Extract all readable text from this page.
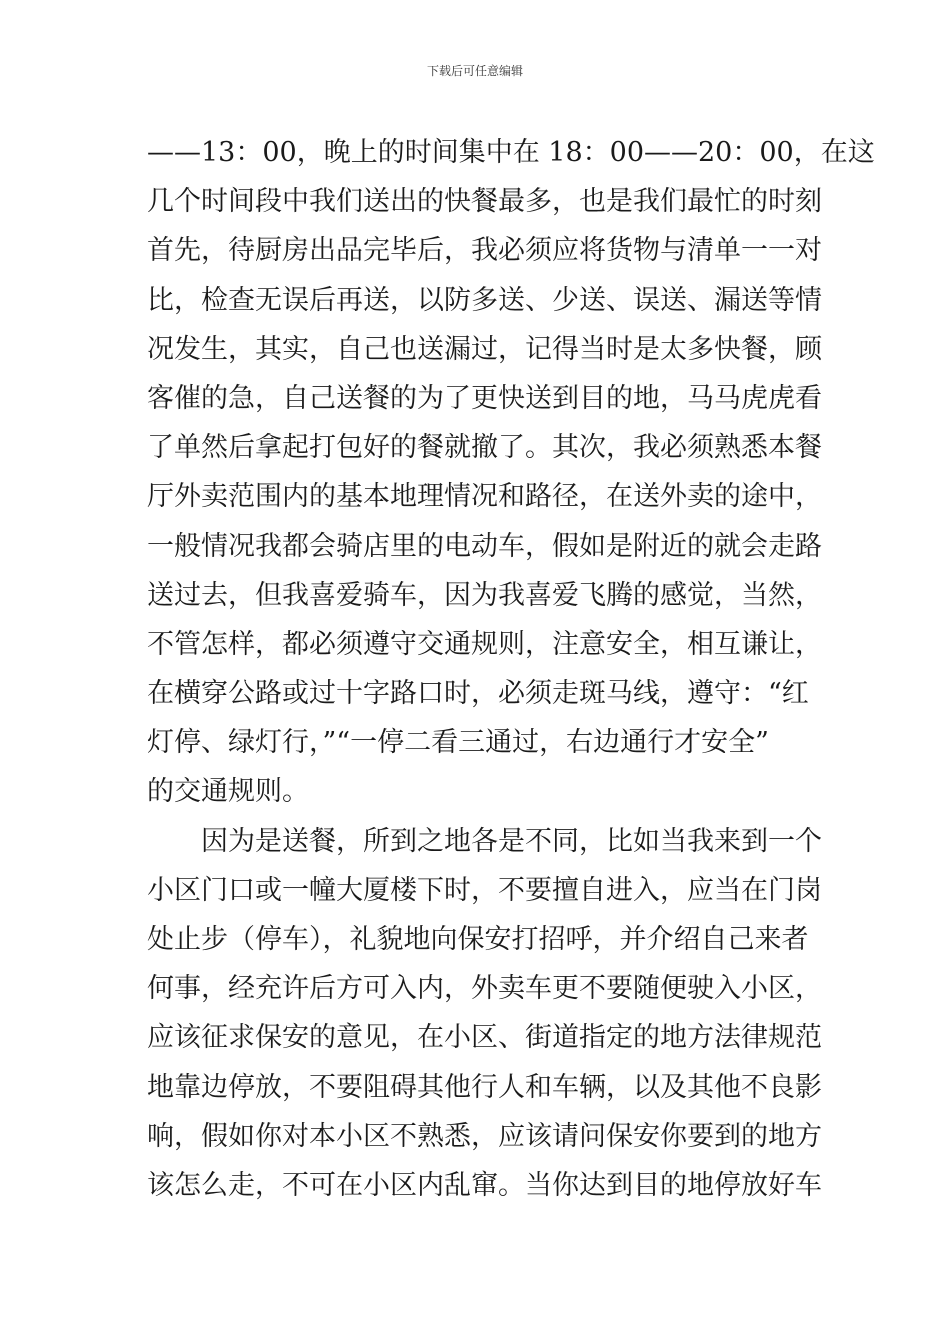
下载后可任意编辑
——13：00，晚上的时间集中在 18：00——20：00，在这
几个时间段中我们送出的快餐最多，也是我们最忙的时刻
首先，待厨房出品完毕后，我必须应将货物与清单一一对
比，检查无误后再送，以防多送、少送、误送、漏送等情
况发生，其实，自己也送漏过，记得当时是太多快餐，顾
客催的急，自己送餐的为了更快送到目的地，马马虎虎看
了单然后拿起打包好的餐就撤了。其次，我必须熟悉本餐
厅外卖范围内的基本地理情况和路径，在送外卖的途中，
一般情况我都会骑店里的电动车，假如是附近的就会走路
送过去，但我喜爱骑车，因为我喜爱飞腾的感觉，当然，
不管怎样，都必须遵守交通规则，注意安全，相互谦让，
在横穿公路或过十字路口时，必须走斑马线，遵守：“红
灯停、绿灯行，”“一停二看三通过，右边通行才安全”
的交通规则。
因为是送餐，所到之地各是不同，比如当我来到一个
小区门口或一幢大厦楼下时，不要擅自进入，应当在门岗
处止步（停车），礼貌地向保安打招呼，并介绍自己来者
何事，经充许后方可入内，外卖车更不要随便驶入小区，
应该征求保安的意见，在小区、街道指定的地方法律规范
地靠边停放，不要阻碍其他行人和车辆，以及其他不良影
响，假如你对本小区不熟悉，应该请问保安你要到的地方
该怎么走，不可在小区内乱窜。当你达到目的地停放好车
